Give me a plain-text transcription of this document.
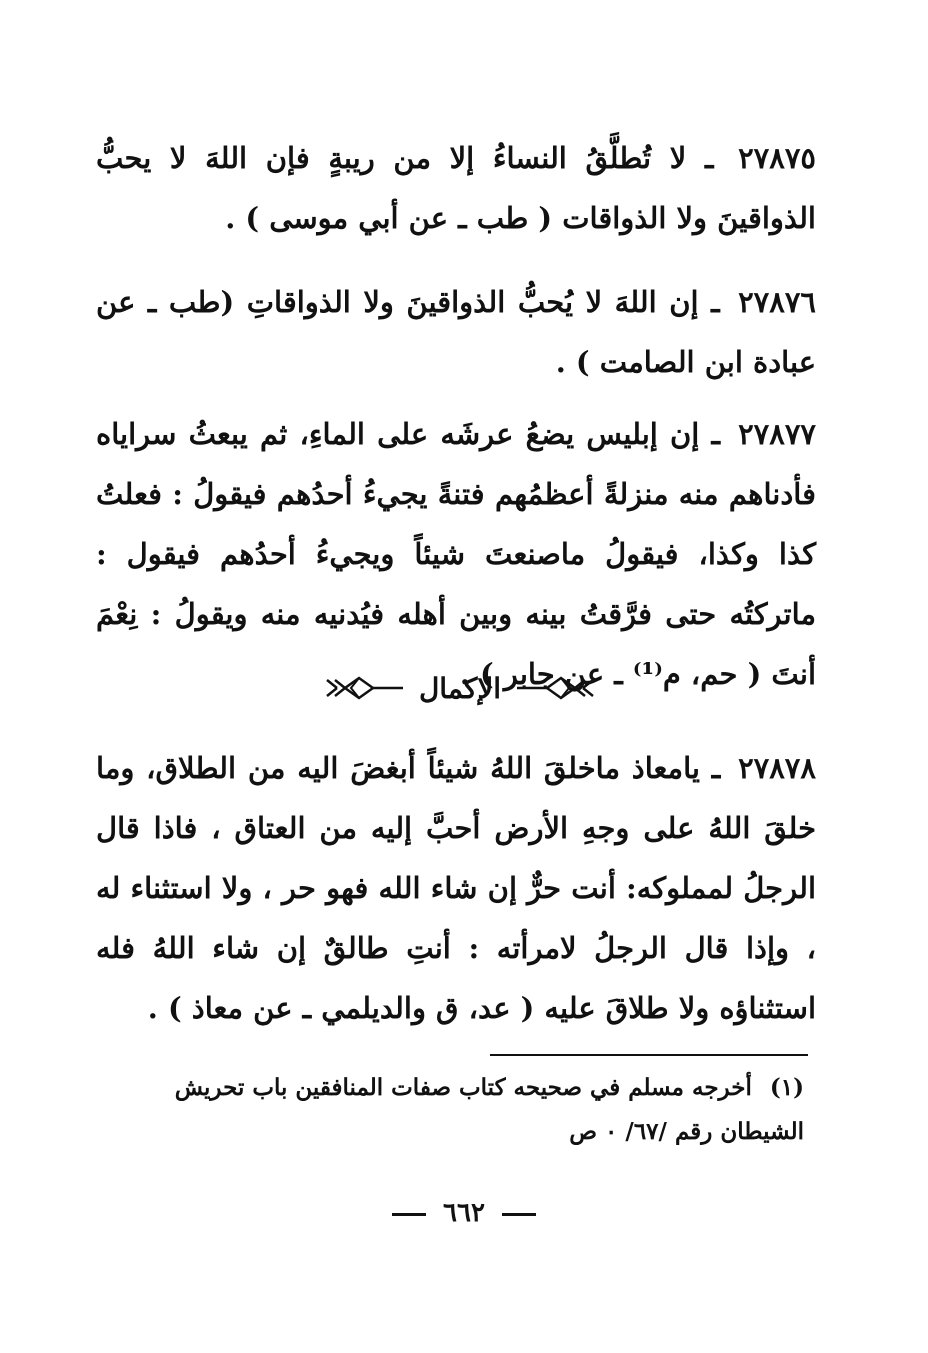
٢٧٨٧٥ ـ لا تُطلَّقُ النساءُ إلا من ريبةٍ فإن اللهَ لا يحبُّ الذواقينَ ولا الذواقات ( طب ـ عن أبي موسى ) .
٢٧٨٧٦ ـ إن اللهَ لا يُحبُّ الذواقينَ ولا الذواقاتِ (طب ـ عن عبادة ابن الصامت ) .
٢٧٨٧٧ ـ إن إبليس يضعُ عرشَه على الماءِ، ثم يبعثُ سراياه فأدناهم منه منزلةً أعظمُهم فتنةً يجيءُ أحدُهم فيقولُ : فعلتُ كذا وكذا، فيقولُ ماصنعتَ شيئاً ويجيءُ أحدُهم فيقول : ماتركتُه حتى فرَّقتُ بينه وبين أهله فيُدنيه منه ويقولُ : نِعْمَ أنتَ ( حم، م⁽¹⁾ ـ عن جابر ) .
الإكمال
٢٧٨٧٨ ـ يامعاذ ماخلقَ اللهُ شيئاً أبغضَ اليه من الطلاق، وما خلقَ اللهُ على وجهِ الأرض أحبَّ إليه من العتاق ، فاذا قال الرجلُ لمملوكه: أنت حرٌّ إن شاء الله فهو حر ، ولا استثناء له ، وإذا قال الرجلُ لامرأته : أنتِ طالقٌ إن شاء اللهُ فله استثناؤه ولا طلاقَ عليه ( عد، ق والديلمي ـ عن معاذ ) .
(١) أخرجه مسلم في صحيحه كتاب صفات المنافقين باب تحريش الشيطان رقم /٦٧/ ٠ ص
٦٦٢
